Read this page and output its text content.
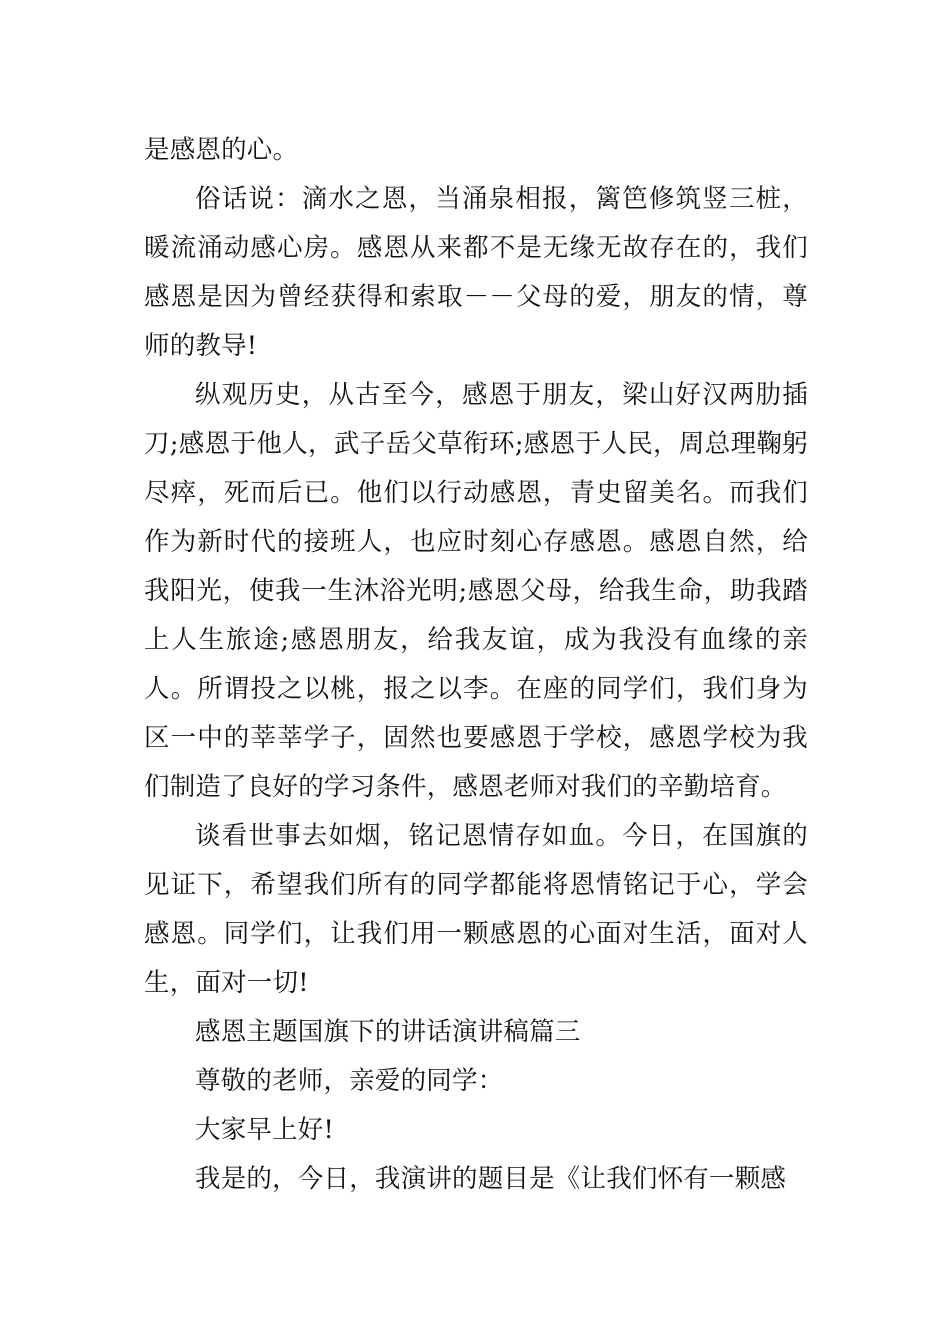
是感恩的心。

俗话说：滴水之恩，当涌泉相报，篱笆修筑竖三桩，暖流涌动感心房。感恩从来都不是无缘无故存在的，我们感恩是因为曾经获得和索取－－父母的爱，朋友的情，尊师的教导!

纵观历史，从古至今，感恩于朋友，梁山好汉两肋插刀;感恩于他人，武子岳父草衔环;感恩于人民，周总理鞠躬尽瘁，死而后已。他们以行动感恩，青史留美名。而我们作为新时代的接班人，也应时刻心存感恩。感恩自然，给我阳光，使我一生沐浴光明;感恩父母，给我生命，助我踏上人生旅途;感恩朋友，给我友谊，成为我没有血缘的亲人。所谓投之以桃，报之以李。在座的同学们，我们身为区一中的莘莘学子，固然也要感恩于学校，感恩学校为我们制造了良好的学习条件，感恩老师对我们的辛勤培育。

谈看世事去如烟，铭记恩情存如血。今日，在国旗的见证下，希望我们所有的同学都能将恩情铭记于心，学会感恩。同学们，让我们用一颗感恩的心面对生活，面对人生，面对一切!

感恩主题国旗下的讲话演讲稿篇三

尊敬的老师，亲爱的同学：

大家早上好!

我是的，今日，我演讲的题目是《让我们怀有一颗感
